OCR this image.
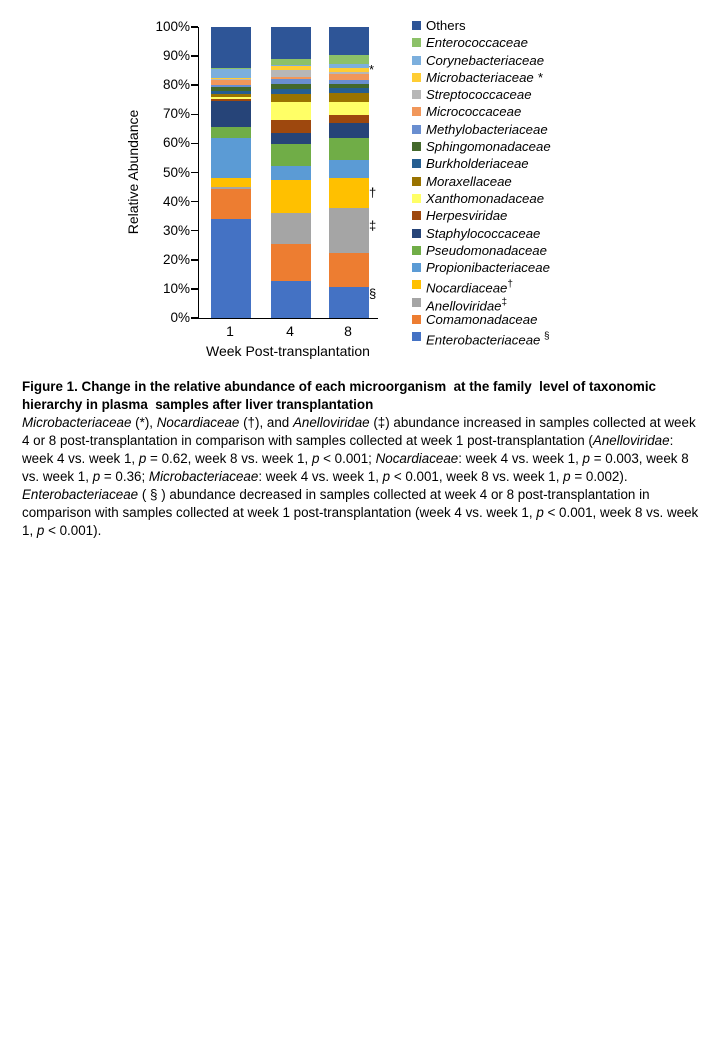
Relative Abundance
100%
90%
80%
70%
60%
50%
40%
30%
20%
10%
0%
1	4	8
Week Post-transplantation
Others
Enterococcaceae
Corynebacteriaceae
Microbacteriaceae *
Streptococcaceae
Micrococcaceae
Methylobacteriaceae
Sphingomonadaceae
Burkholderiaceae
Moraxellaceae
Xanthomonadaceae
Herpesviridae
Staphylococcaceae
Pseudomonadaceae
Propionibacteriaceae
Nocardiaceae†
Anelloviridae‡
Comamonadaceae
Enterobacteriaceae §
*
†
‡
§

Figure 1. Change in the relative abundance of each microorganism  at the family  level of taxonomic hierarchy in plasma  samples after liver transplantation

Microbacteriaceae (*), Nocardiaceae (†), and Anelloviridae (‡) abundance increased in samples collected at week 4 or 8 post-transplantation in comparison with samples collected at week 1 post-transplantation (Anelloviridae: week 4 vs. week 1, p = 0.62, week 8 vs. week 1, p < 0.001; Nocardiaceae: week 4 vs. week 1, p = 0.003, week 8 vs. week 1, p = 0.36; Microbacteriaceae: week 4 vs. week 1, p < 0.001, week 8 vs. week 1, p = 0.002). Enterobacteriaceae ( § ) abundance decreased in samples collected at week 4 or 8 post-transplantation in comparison with samples collected at week 1 post-transplantation (week 4 vs. week 1, p < 0.001, week 8 vs. week 1, p < 0.001).
